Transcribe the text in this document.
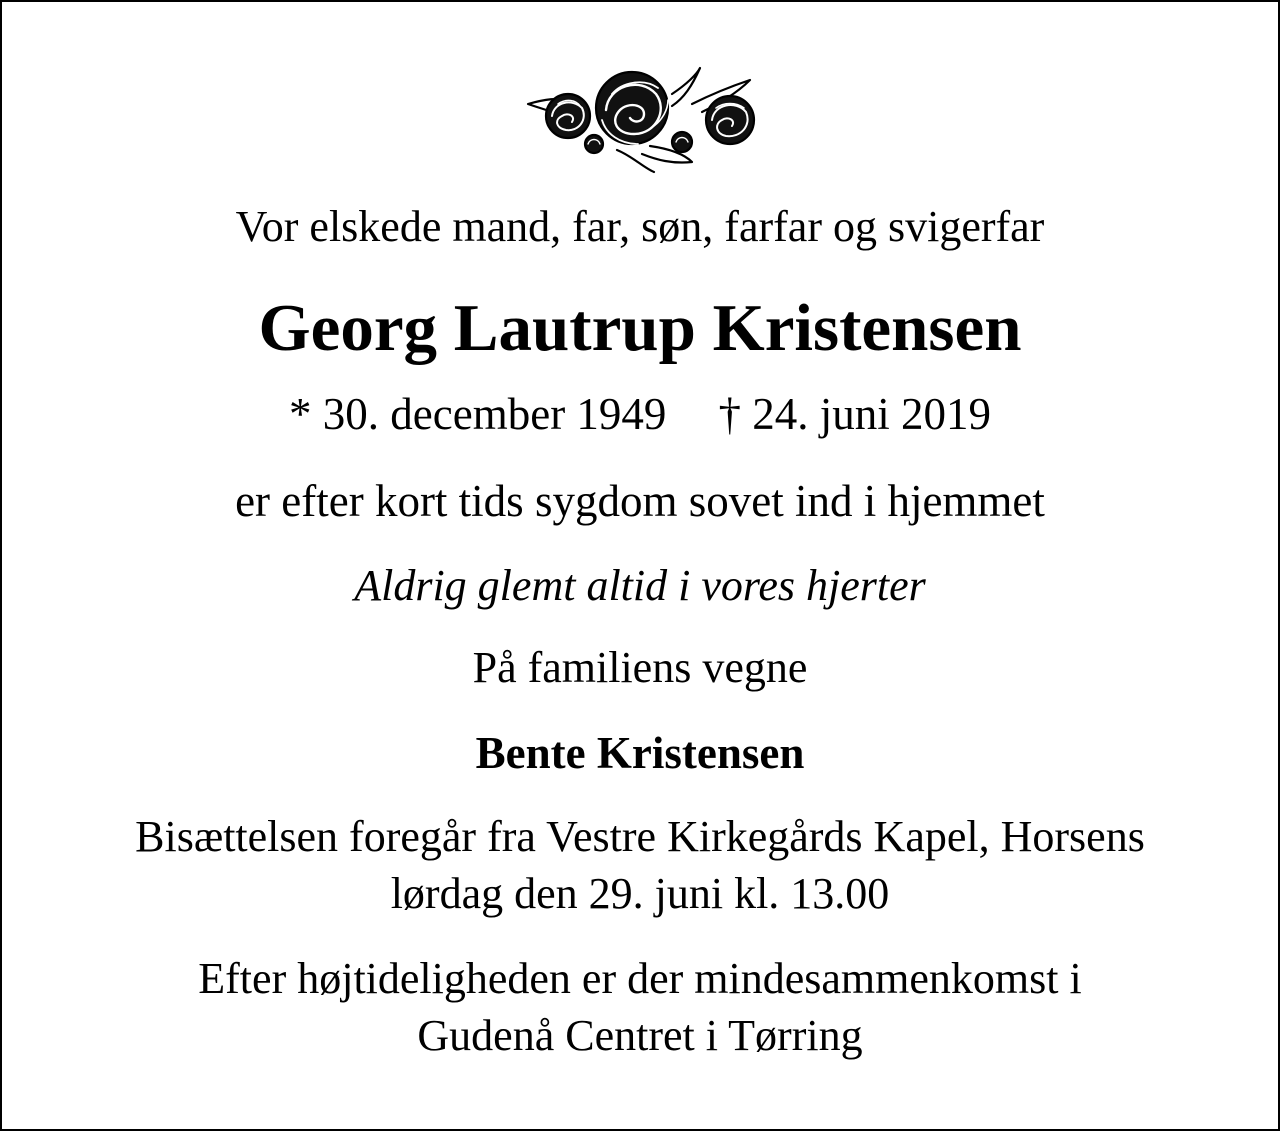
Vor elskede mand, far, søn, farfar og svigerfar
Georg Lautrup Kristensen
* 30. december 1949 † 24. juni 2019
er efter kort tids sygdom sovet ind i hjemmet
Aldrig glemt altid i vores hjerter
På familiens vegne
Bente Kristensen
Bisættelsen foregår fra Vestre Kirkegårds Kapel, Horsens
lørdag den 29. juni kl. 13.00
Efter højtideligheden er der mindesammenkomst i
Gudenå Centret i Tørring
